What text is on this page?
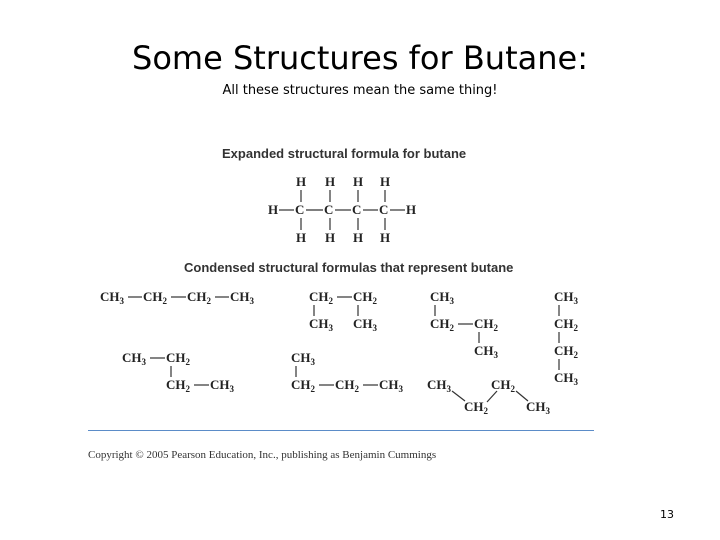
Some Structures for Butane:
All these structures mean the same thing!
Expanded structural formula for butane
Condensed structural formulas that represent butane
H H H H
H C C C C H
H H H H
$CH_3$ $CH_2$ $CH_2$ $CH_3$	$CH_2$ $CH_2$
$CH_3$ $CH_3$
$CH_3$
$CH_2$ $CH_2$
$CH_3$
$CH_3$
$CH_2$
$CH_2$
$CH_3$
$CH_3$ $CH_2$
$CH_2$ $CH_3$
$CH_3$
$CH_2$ $CH_2$ $CH_3$ $CH_3$
$CH_2$
$CH_2$
$CH_3$
Copyright © 2005 Pearson Education, Inc., publishing as Benjamin Cummings
13
